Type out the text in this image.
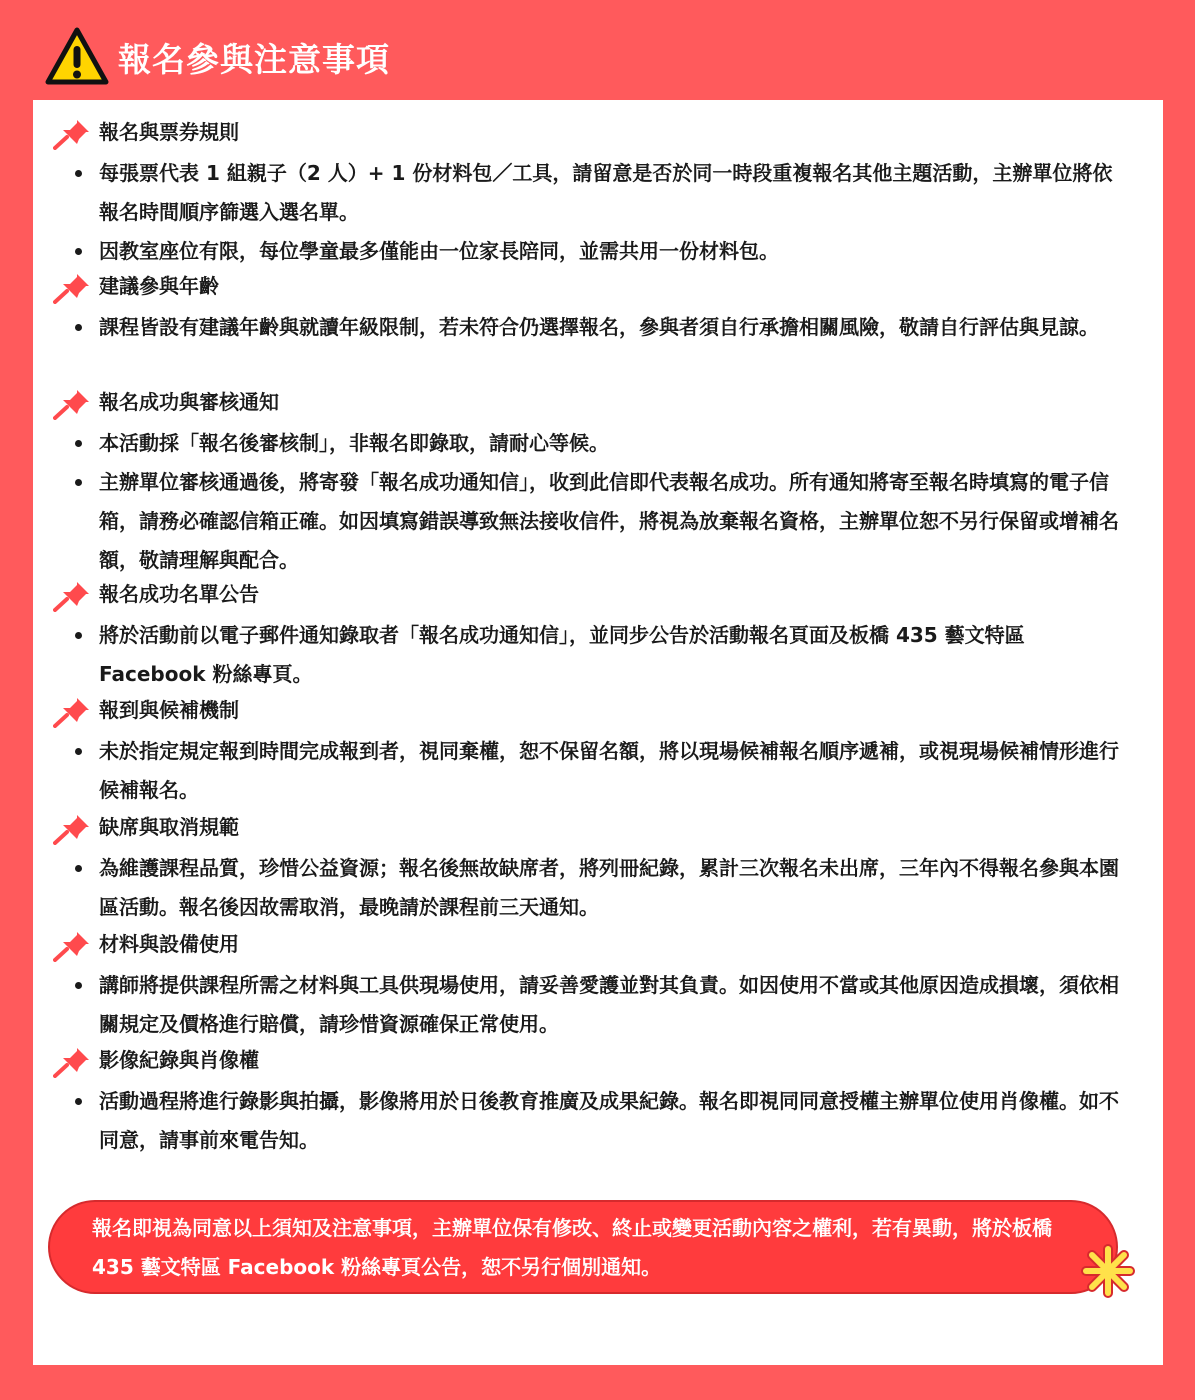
報名參與注意事項
報名與票券規則
每張票代表 1 組親子（2 人）+ 1 份材料包／工具，請留意是否於同一時段重複報名其他主題活動，主辦單位將依報名時間順序篩選入選名單。
因教室座位有限，每位學童最多僅能由一位家長陪同，並需共用一份材料包。
建議參與年齡
課程皆設有建議年齡與就讀年級限制，若未符合仍選擇報名，參與者須自行承擔相關風險，敬請自行評估與見諒。
報名成功與審核通知
本活動採「報名後審核制」，非報名即錄取，請耐心等候。
主辦單位審核通過後，將寄發「報名成功通知信」，收到此信即代表報名成功。所有通知將寄至報名時填寫的電子信箱，請務必確認信箱正確。如因填寫錯誤導致無法接收信件，將視為放棄報名資格，主辦單位恕不另行保留或增補名額，敬請理解與配合。
報名成功名單公告
將於活動前以電子郵件通知錄取者「報名成功通知信」，並同步公告於活動報名頁面及板橋 435 藝文特區 Facebook 粉絲專頁。
報到與候補機制
未於指定規定報到時間完成報到者，視同棄權，恕不保留名額，將以現場候補報名順序遞補，或視現場候補情形進行候補報名。
缺席與取消規範
為維護課程品質，珍惜公益資源；報名後無故缺席者，將列冊紀錄，累計三次報名未出席，三年內不得報名參與本園區活動。報名後因故需取消，最晚請於課程前三天通知。
材料與設備使用
講師將提供課程所需之材料與工具供現場使用，請妥善愛護並對其負責。如因使用不當或其他原因造成損壞，須依相關規定及價格進行賠償，請珍惜資源確保正常使用。
影像紀錄與肖像權
活動過程將進行錄影與拍攝，影像將用於日後教育推廣及成果紀錄。報名即視同同意授權主辦單位使用肖像權。如不同意，請事前來電告知。
報名即視為同意以上須知及注意事項，主辦單位保有修改、終止或變更活動內容之權利，若有異動，將於板橋 435 藝文特區 Facebook 粉絲專頁公告，恕不另行個別通知。
